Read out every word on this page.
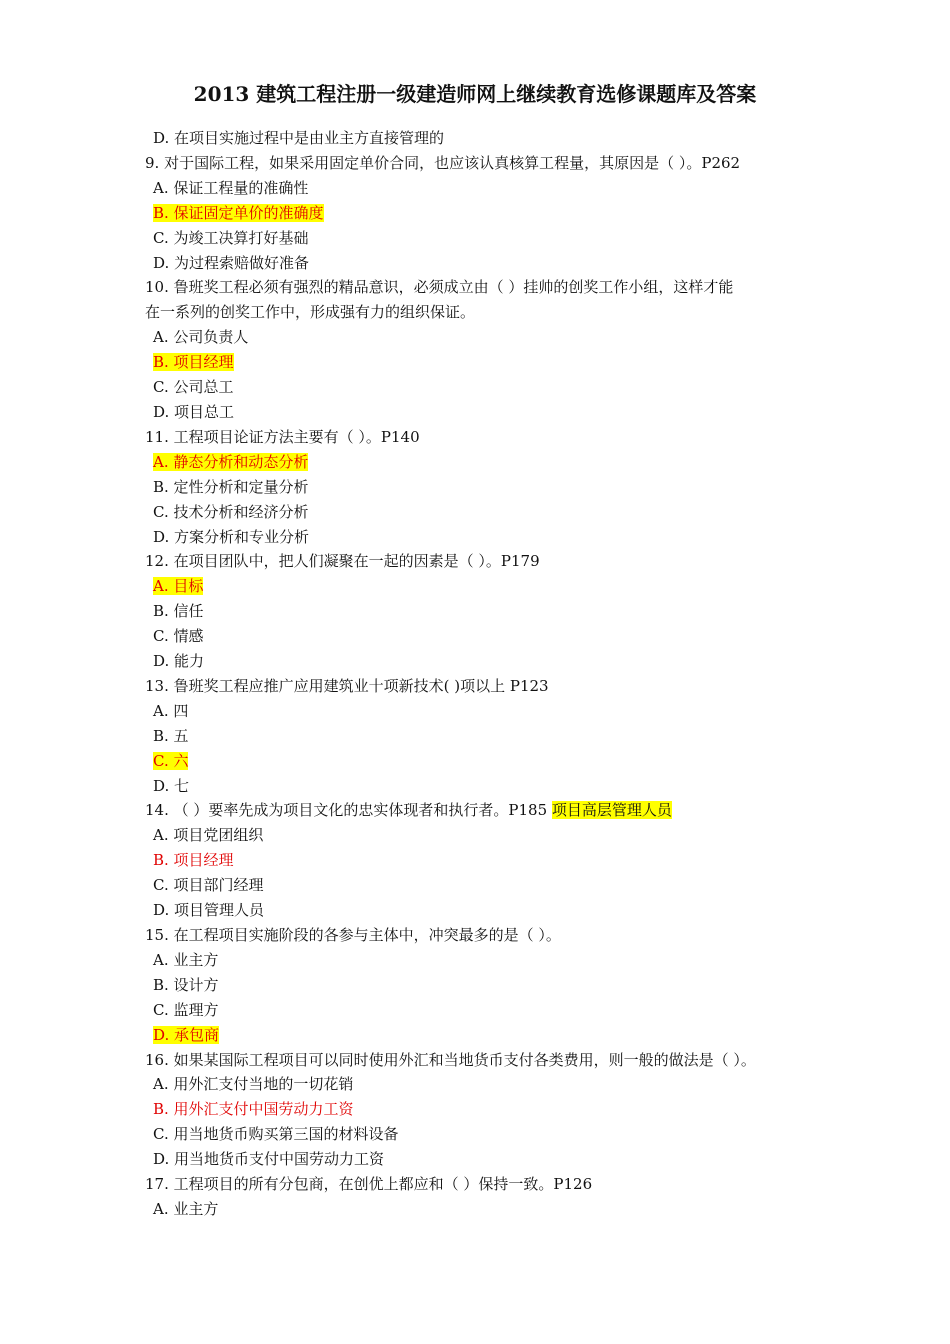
2013 建筑工程注册一级建造师网上继续教育选修课题库及答案
D. 在项目实施过程中是由业主方直接管理的
9. 对于国际工程，如果采用固定单价合同，也应该认真核算工程量，其原因是（ ）。P262
A. 保证工程量的准确性
B. 保证固定单价的准确度
C. 为竣工决算打好基础
D. 为过程索赔做好准备
10. 鲁班奖工程必须有强烈的精品意识，必须成立由（ ）挂帅的创奖工作小组，这样才能
在一系列的创奖工作中，形成强有力的组织保证。
A. 公司负责人
B. 项目经理
C. 公司总工
D. 项目总工
11. 工程项目论证方法主要有（ ）。P140
A. 静态分析和动态分析
B. 定性分析和定量分析
C. 技术分析和经济分析
D. 方案分析和专业分析
12. 在项目团队中，把人们凝聚在一起的因素是（ ）。P179
A. 目标
B. 信任
C. 情感
D. 能力
13. 鲁班奖工程应推广应用建筑业十项新技术( )项以上 P123
A. 四
B. 五
C. 六
D. 七
14. （ ）要率先成为项目文化的忠实体现者和执行者。P185 项目高层管理人员
A. 项目党团组织
B. 项目经理
C. 项目部门经理
D. 项目管理人员
15. 在工程项目实施阶段的各参与主体中，冲突最多的是（ ）。
A. 业主方
B. 设计方
C. 监理方
D. 承包商
16. 如果某国际工程项目可以同时使用外汇和当地货币支付各类费用，则一般的做法是（ ）。
A. 用外汇支付当地的一切花销
B. 用外汇支付中国劳动力工资
C. 用当地货币购买第三国的材料设备
D. 用当地货币支付中国劳动力工资
17. 工程项目的所有分包商，在创优上都应和（ ）保持一致。P126
A. 业主方
